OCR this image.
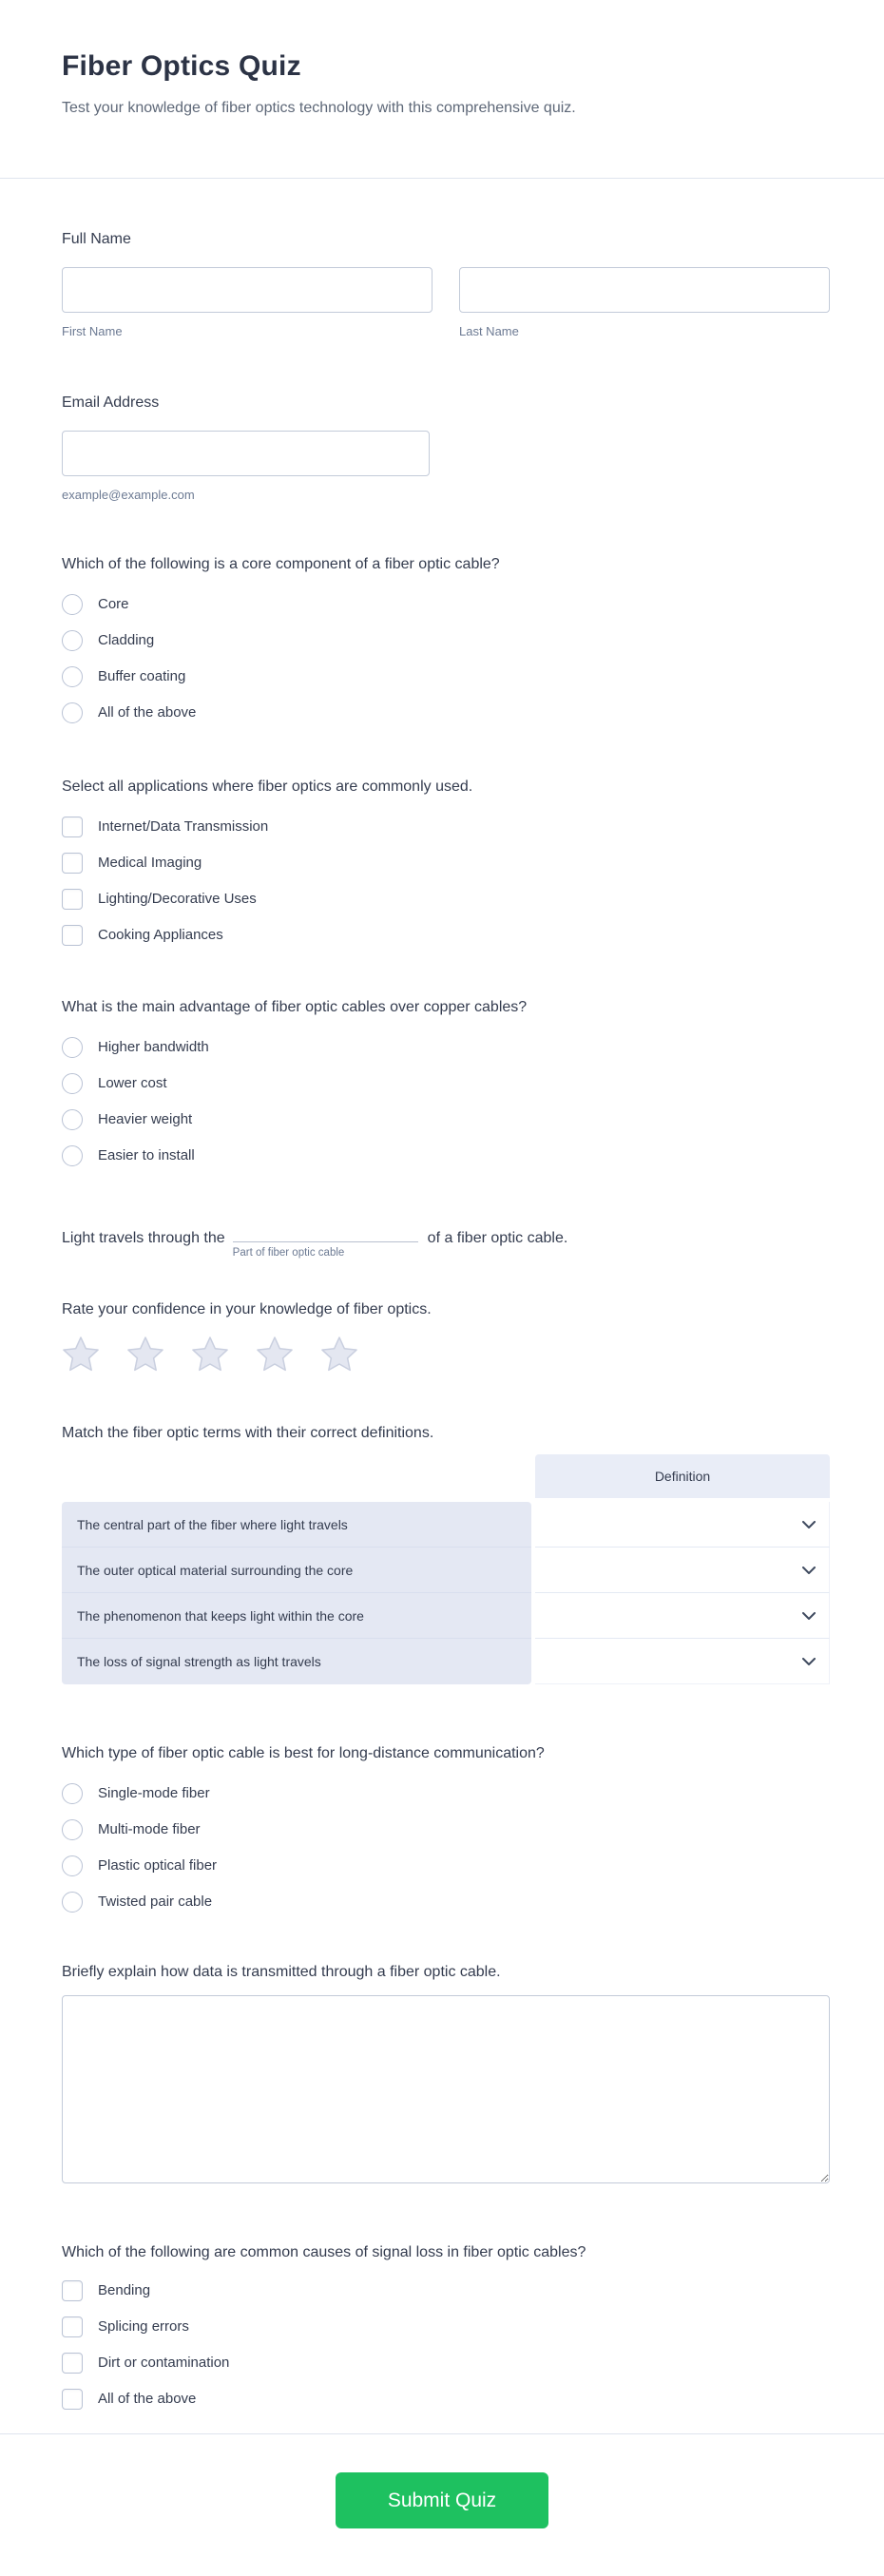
Fiber Optics Quiz

Test your knowledge of fiber optics technology with this comprehensive quiz.

Full Name

First Name	Last Name

Email Address

example@example.com

Which of the following is a core component of a fiber optic cable?

Core
Cladding
Buffer coating
All of the above

Select all applications where fiber optics are commonly used.

Internet/Data Transmission
Medical Imaging
Lighting/Decorative Uses
Cooking Appliances

What is the main advantage of fiber optic cables over copper cables?

Higher bandwidth
Lower cost
Heavier weight
Easier to install
Light travels through the
Part of fiber optic cable
of a fiber optic cable.

Rate your confidence in your knowledge of fiber optics.

Match the fiber optic terms with their correct definitions.

Definition
The central part of the fiber where light travels
The outer optical material surrounding the core
The phenomenon that keeps light within the core
The loss of signal strength as light travels

Which type of fiber optic cable is best for long-distance communication?

Single-mode fiber
Multi-mode fiber
Plastic optical fiber
Twisted pair cable

Briefly explain how data is transmitted through a fiber optic cable.

Which of the following are common causes of signal loss in fiber optic cables?

Bending
Splicing errors
Dirt or contamination
All of the above
Submit Quiz
